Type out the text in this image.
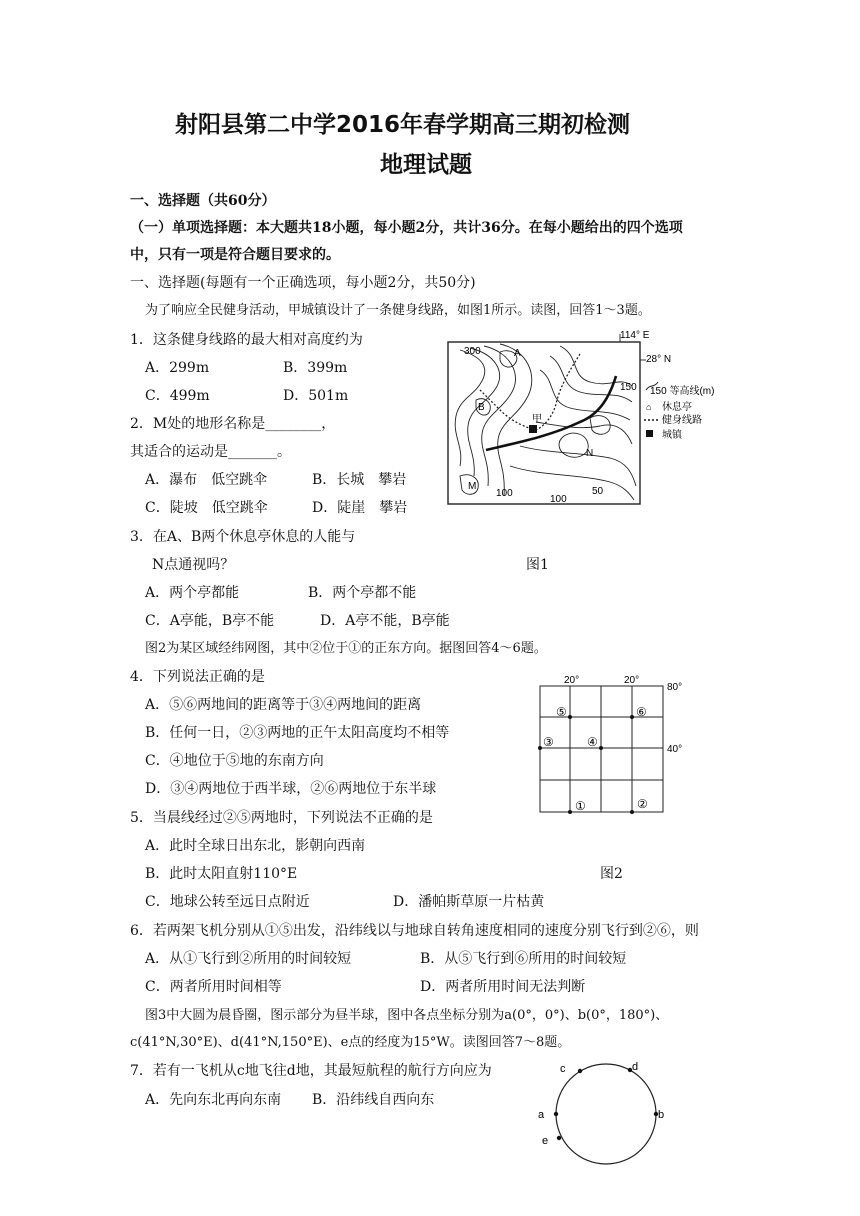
射阳县第二中学2016年春学期高三期初检测
地理试题
一、选择题（共60分）
（一）单项选择题：本大题共18小题，每小题2分，共计36分。在每小题给出的四个选项
中，只有一项是符合题目要求的。
一、选择题(每题有一个正确选项，每小题2分，共50分)
为了响应全民健身活动，甲城镇设计了一条健身线路，如图1所示。读图，回答1～3题。
1．这条健身线路的最大相对高度约为
A．299m	B．399m
C．499m	D．501m
2．M处的地形名称是________，
其适合的运动是_______。
A．瀑布　低空跳伞	B．长城　攀岩
C．陡坡　低空跳伞	D．陡崖　攀岩
3．在A、B两个休息亭休息的人能与
N点通视吗？
A．两个亭都能	B．两个亭都不能
C．A亭能，B亭不能	D．A亭不能，B亭能
114° E
28° N
300
150
100
100
50
A
B
M
N
甲
150 等高线(m)
⌂ 休息亭
健身线路
城镇
图1
图2为某区域经纬网图，其中②位于①的正东方向。据图回答4～6题。
4．下列说法正确的是
A．⑤⑥两地间的距离等于③④两地间的距离
B．任何一日，②③两地的正午太阳高度均不相等
C．④地位于⑤地的东南方向
D．③④两地位于西半球，②⑥两地位于东半球
5．当晨线经过②⑤两地时，下列说法不正确的是
A．此时全球日出东北，影朝向西南
B．此时太阳直射110°E
C．地球公转至远日点附近	D．潘帕斯草原一片枯黄
20°	20°
80°
40°
⑤	⑥
③	④
①	②
图2
6．若两架飞机分别从①⑤出发，沿纬线以与地球自转角速度相同的速度分别飞行到②⑥，则
A．从①飞行到②所用的时间较短	B．从⑤飞行到⑥所用的时间较短
C．两者所用时间相等	D．两者所用时间无法判断
图3中大圆为晨昏圈，图示部分为昼半球，图中各点坐标分别为a(0°，0°)、b(0°，180°)、
c(41°N,30°E)、d(41°N,150°E)、e点的经度为15°W。读图回答7～8题。
7．若有一飞机从c地飞往d地，其最短航程的航行方向应为
A．先向东北再向东南 B．沿纬线自西向东
c	d
a	b
e
